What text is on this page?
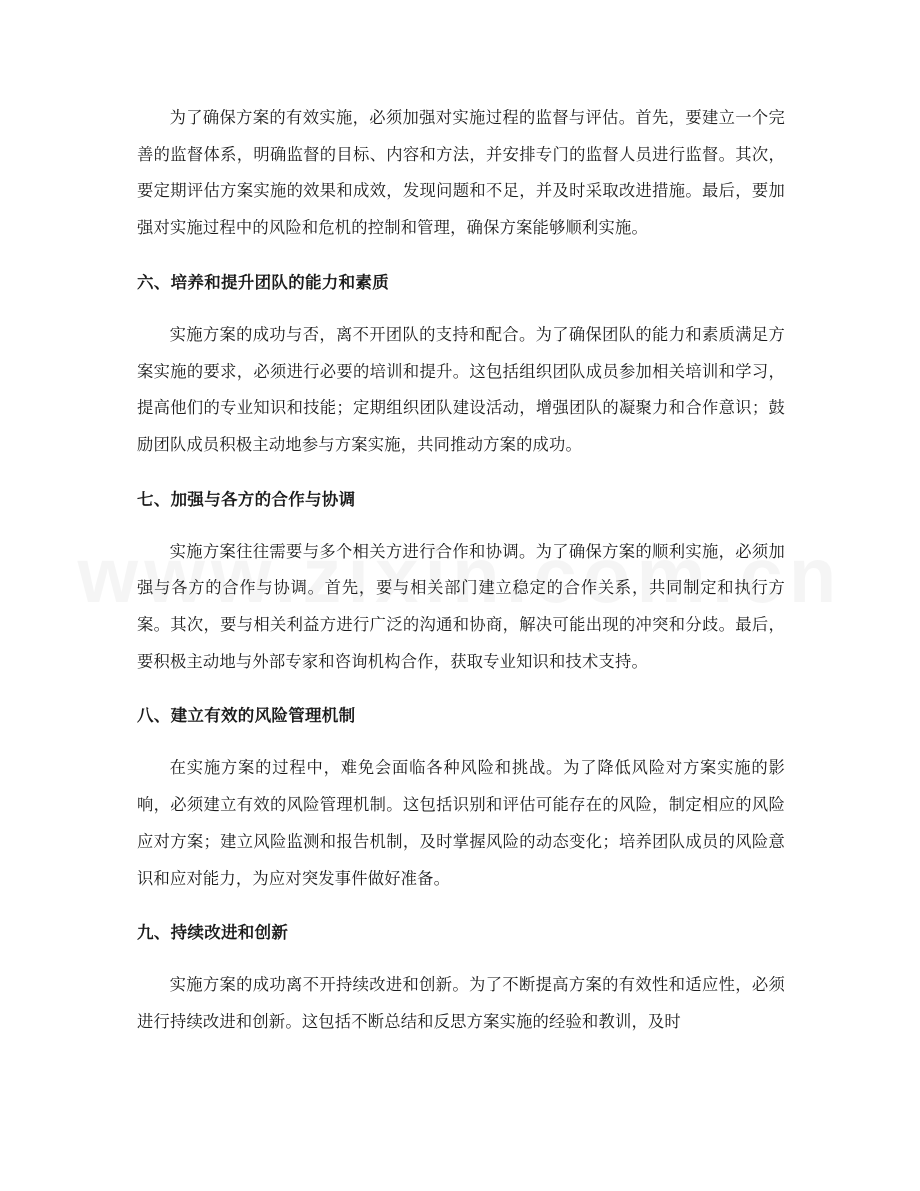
为了确保方案的有效实施，必须加强对实施过程的监督与评估。首先，要建立一个完善的监督体系，明确监督的目标、内容和方法，并安排专门的监督人员进行监督。其次，要定期评估方案实施的效果和成效，发现问题和不足，并及时采取改进措施。最后，要加强对实施过程中的风险和危机的控制和管理，确保方案能够顺利实施。

六、培养和提升团队的能力和素质

实施方案的成功与否，离不开团队的支持和配合。为了确保团队的能力和素质满足方案实施的要求，必须进行必要的培训和提升。这包括组织团队成员参加相关培训和学习，提高他们的专业知识和技能；定期组织团队建设活动，增强团队的凝聚力和合作意识；鼓励团队成员积极主动地参与方案实施，共同推动方案的成功。

七、加强与各方的合作与协调

实施方案往往需要与多个相关方进行合作和协调。为了确保方案的顺利实施，必须加强与各方的合作与协调。首先，要与相关部门建立稳定的合作关系，共同制定和执行方案。其次，要与相关利益方进行广泛的沟通和协商，解决可能出现的冲突和分歧。最后，要积极主动地与外部专家和咨询机构合作，获取专业知识和技术支持。

八、建立有效的风险管理机制

在实施方案的过程中，难免会面临各种风险和挑战。为了降低风险对方案实施的影响，必须建立有效的风险管理机制。这包括识别和评估可能存在的风险，制定相应的风险应对方案；建立风险监测和报告机制，及时掌握风险的动态变化；培养团队成员的风险意识和应对能力，为应对突发事件做好准备。

九、持续改进和创新

实施方案的成功离不开持续改进和创新。为了不断提高方案的有效性和适应性，必须进行持续改进和创新。这包括不断总结和反思方案实施的经验和教训，及时
